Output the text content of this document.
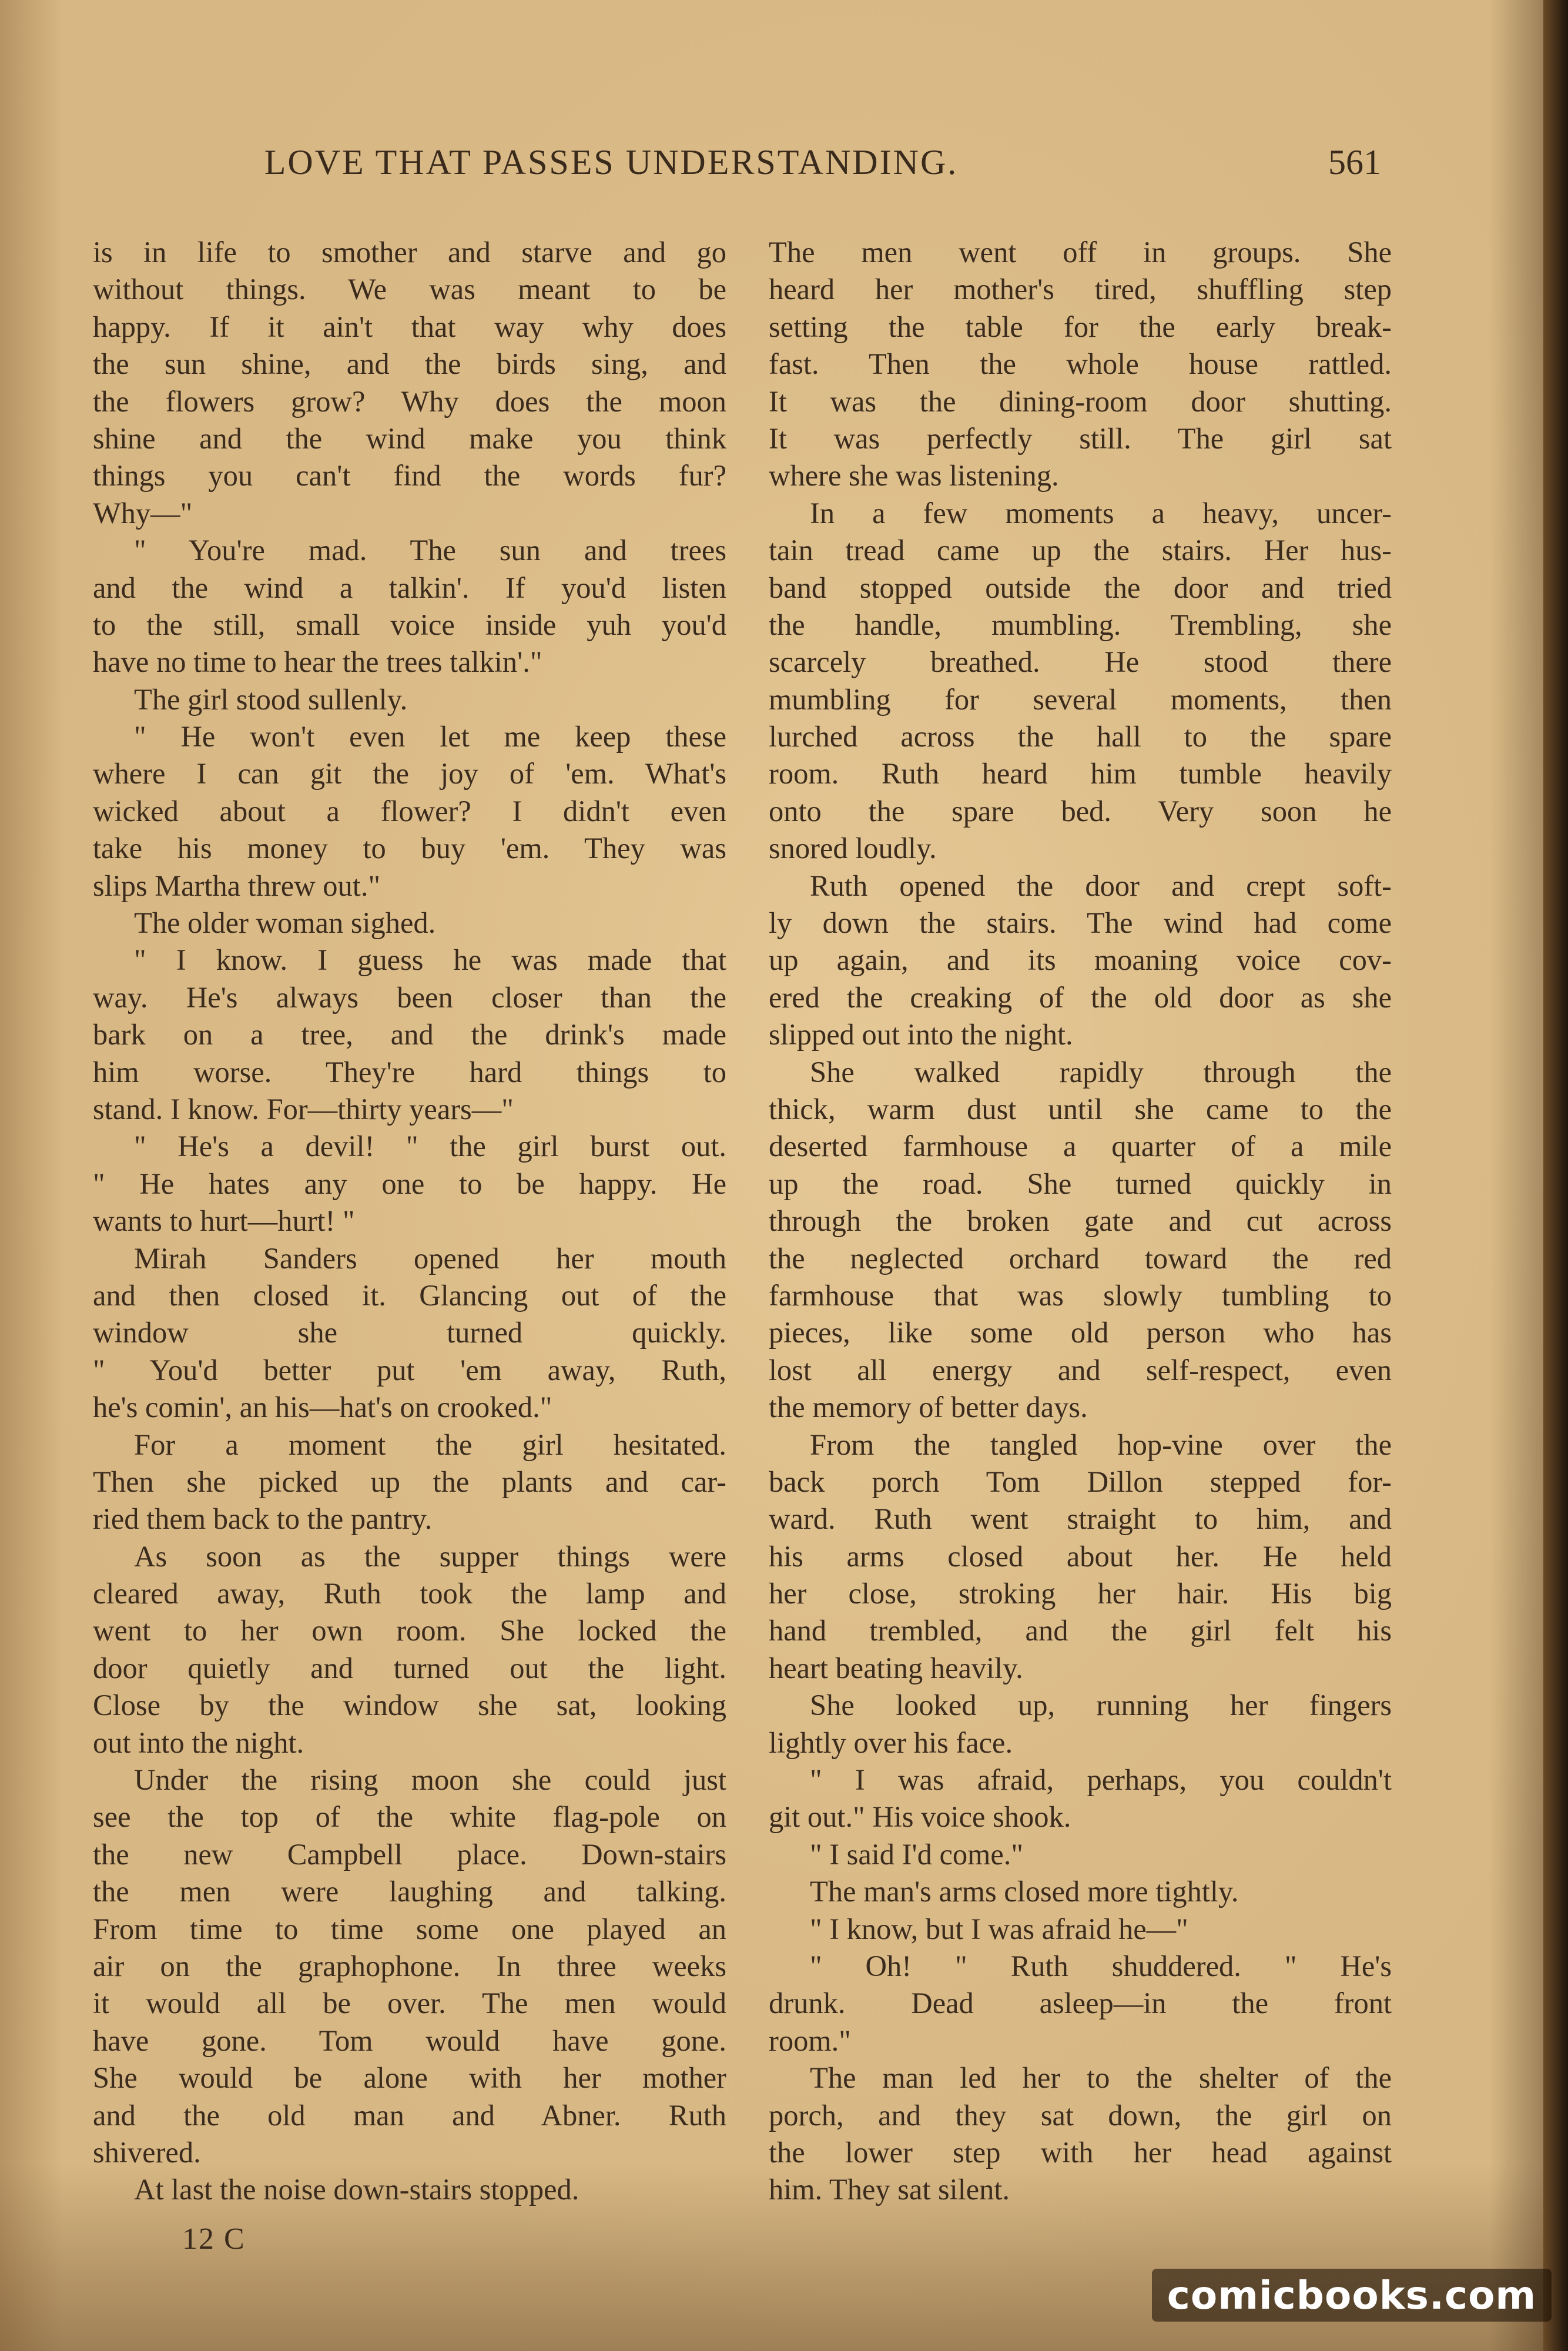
LOVE THAT PASSES UNDERSTANDING.	561
is in life to smother and starve and go
without things. We was meant to be
happy. If it ain't that way why does
the sun shine, and the birds sing, and
the flowers grow? Why does the moon
shine and the wind make you think
things you can't find the words fur?
Why—"
" You're mad. The sun and trees
and the wind a talkin'. If you'd listen
to the still, small voice inside yuh you'd
have no time to hear the trees talkin'."
The girl stood sullenly.
" He won't even let me keep these
where I can git the joy of 'em. What's
wicked about a flower? I didn't even
take his money to buy 'em. They was
slips Martha threw out."
The older woman sighed.
" I know. I guess he was made that
way. He's always been closer than the
bark on a tree, and the drink's made
him worse. They're hard things to
stand. I know. For—thirty years—"
" He's a devil! " the girl burst out.
" He hates any one to be happy. He
wants to hurt—hurt! "
Mirah Sanders opened her mouth
and then closed it. Glancing out of the
window she turned quickly.
" You'd better put 'em away, Ruth,
he's comin', an his—hat's on crooked."
For a moment the girl hesitated.
Then she picked up the plants and car-
ried them back to the pantry.
As soon as the supper things were
cleared away, Ruth took the lamp and
went to her own room. She locked the
door quietly and turned out the light.
Close by the window she sat, looking
out into the night.
Under the rising moon she could just
see the top of the white flag-pole on
the new Campbell place. Down-stairs
the men were laughing and talking.
From time to time some one played an
air on the graphophone. In three weeks
it would all be over. The men would
have gone. Tom would have gone.
She would be alone with her mother
and the old man and Abner. Ruth
shivered.
At last the noise down-stairs stopped.
The men went off in groups. She
heard her mother's tired, shuffling step
setting the table for the early break-
fast. Then the whole house rattled.
It was the dining-room door shutting.
It was perfectly still. The girl sat
where she was listening.
In a few moments a heavy, uncer-
tain tread came up the stairs. Her hus-
band stopped outside the door and tried
the handle, mumbling. Trembling, she
scarcely breathed. He stood there
mumbling for several moments, then
lurched across the hall to the spare
room. Ruth heard him tumble heavily
onto the spare bed. Very soon he
snored loudly.
Ruth opened the door and crept soft-
ly down the stairs. The wind had come
up again, and its moaning voice cov-
ered the creaking of the old door as she
slipped out into the night.
She walked rapidly through the
thick, warm dust until she came to the
deserted farmhouse a quarter of a mile
up the road. She turned quickly in
through the broken gate and cut across
the neglected orchard toward the red
farmhouse that was slowly tumbling to
pieces, like some old person who has
lost all energy and self-respect, even
the memory of better days.
From the tangled hop-vine over the
back porch Tom Dillon stepped for-
ward. Ruth went straight to him, and
his arms closed about her. He held
her close, stroking her hair. His big
hand trembled, and the girl felt his
heart beating heavily.
She looked up, running her fingers
lightly over his face.
" I was afraid, perhaps, you couldn't
git out." His voice shook.
" I said I'd come."
The man's arms closed more tightly.
" I know, but I was afraid he—"
" Oh! " Ruth shuddered. " He's
drunk. Dead asleep—in the front
room."
The man led her to the shelter of the
porch, and they sat down, the girl on
the lower step with her head against
him. They sat silent.
12 C
comicbooks.com
